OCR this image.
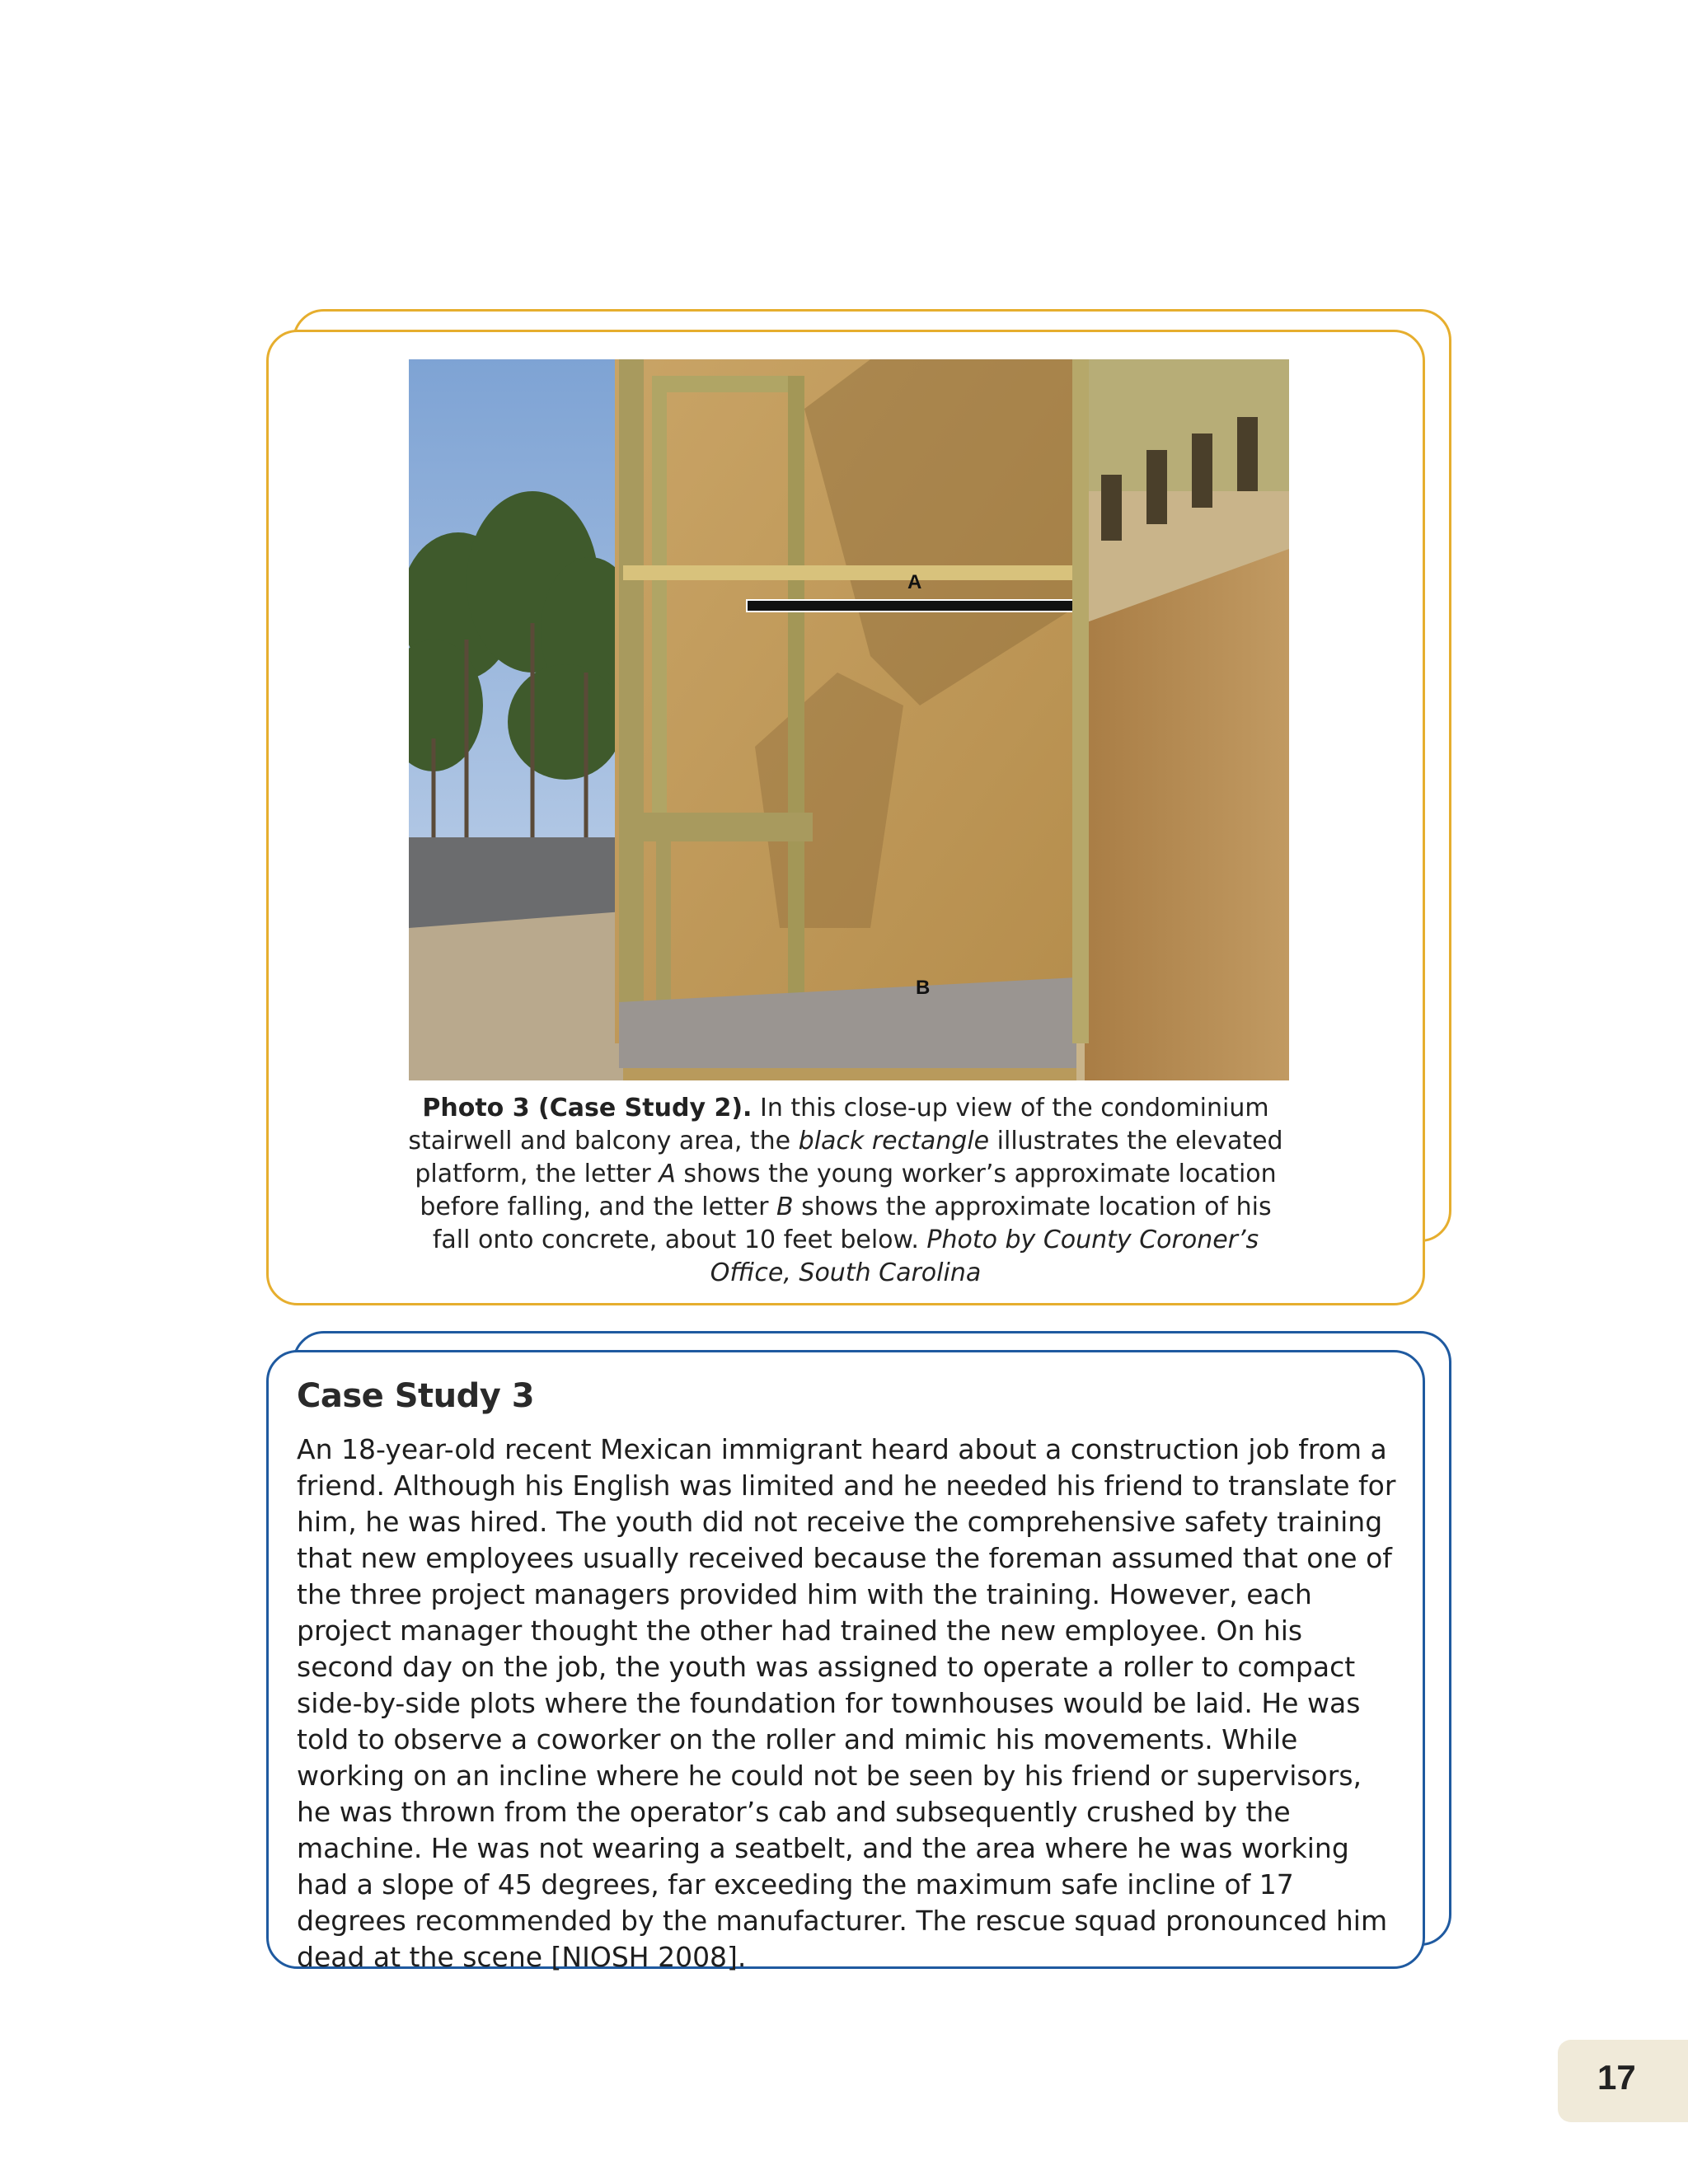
A
B
Photo 3 (Case Study 2). In this close-up view of the condominium stairwell and balcony area, the black rectangle illustrates the elevated platform, the letter A shows the young worker’s approximate location before falling, and the letter B shows the approximate location of his fall onto concrete, about 10 feet below. Photo by County Coroner’s Office, South Carolina
Case Study 3

An 18-year-old recent Mexican immigrant heard about a construction job from a friend. Although his English was limited and he needed his friend to translate for him, he was hired. The youth did not receive the comprehensive safety training that new employees usually received because the foreman assumed that one of the three project managers provided him with the training. However, each project manager thought the other had trained the new employee. On his second day on the job, the youth was assigned to operate a roller to compact side-by-side plots where the foundation for townhouses would be laid. He was told to observe a coworker on the roller and mimic his movements. While working on an incline where he could not be seen by his friend or supervisors, he was thrown from the operator’s cab and subsequently crushed by the machine. He was not wearing a seatbelt, and the area where he was working had a slope of 45 degrees, far exceeding the maximum safe incline of 17 degrees recommended by the manufacturer. The rescue squad pronounced him dead at the scene [NIOSH 2008].

17
